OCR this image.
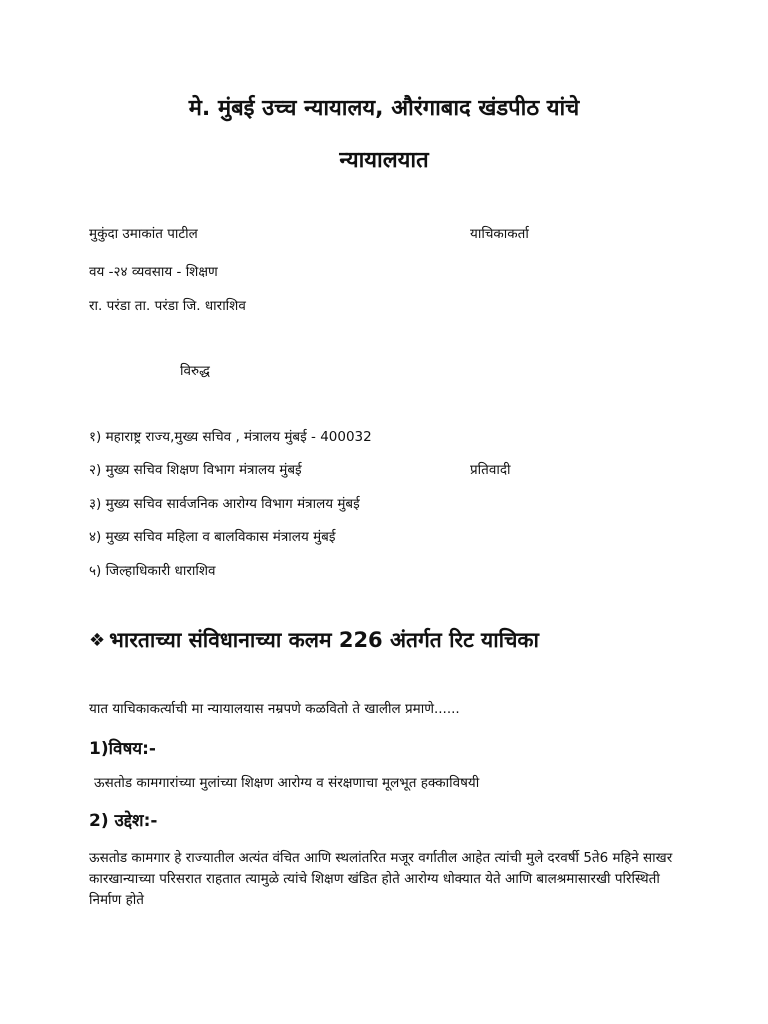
मे. मुंबई उच्च न्यायालय, औरंगाबाद खंडपीठ यांचे
न्यायालयात
मुकुंदा उमाकांत पाटील	याचिकाकर्ता
वय -२४ व्यवसाय - शिक्षण
रा. परंडा ता. परंडा जि. धाराशिव
विरुद्ध
१) महाराष्ट्र राज्य,मुख्य सचिव , मंत्रालय मुंबई - 400032
२) मुख्य सचिव शिक्षण विभाग मंत्रालय मुंबई	प्रतिवादी
३) मुख्य सचिव सार्वजनिक आरोग्य विभाग मंत्रालय मुंबई
४) मुख्य सचिव महिला व बालविकास मंत्रालय मुंबई
५) जिल्हाधिकारी धाराशिव
❖ भारताच्या संविधानाच्या कलम 226 अंतर्गत रिट याचिका
यात याचिकाकर्त्याची मा न्यायालयास नम्रपणे कळवितो ते खालील प्रमाणे......
1)विषय:-
ऊसतोड कामगारांच्या मुलांच्या शिक्षण आरोग्य व संरक्षणाचा मूलभूत हक्काविषयी
2) उद्देश:-
ऊसतोड कामगार हे राज्यातील अत्यंत वंचित आणि स्थलांतरित मजूर वर्गातील आहेत त्यांची मुले दरवर्षी 5ते6 महिने साखर कारखान्याच्या परिसरात राहतात त्यामुळे त्यांचे शिक्षण खंडित होते आरोग्य धोक्यात येते आणि बालश्रमासारखी परिस्थिती निर्माण होते
